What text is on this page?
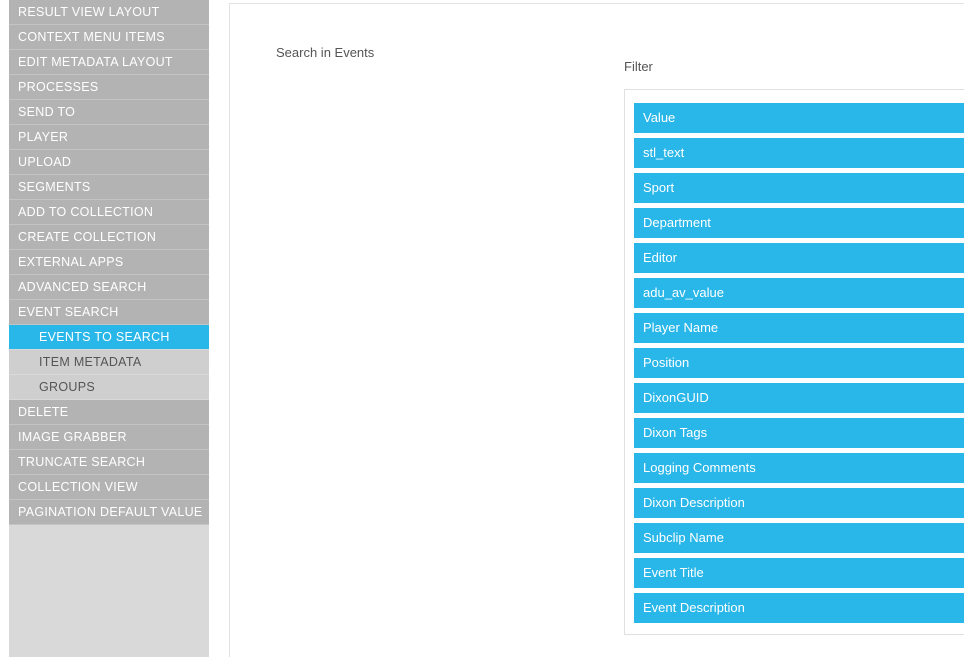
RESULT VIEW LAYOUT
CONTEXT MENU ITEMS
EDIT METADATA LAYOUT
PROCESSES
SEND TO
PLAYER
UPLOAD
SEGMENTS
ADD TO COLLECTION
CREATE COLLECTION
EXTERNAL APPS
ADVANCED SEARCH
EVENT SEARCH
EVENTS TO SEARCH
ITEM METADATA
GROUPS
DELETE
IMAGE GRABBER
TRUNCATE SEARCH
COLLECTION VIEW
PAGINATION DEFAULT VALUE
Search in Events
Filter
Value
stl_text
Sport
Department
Editor
adu_av_value
Player Name
Position
DixonGUID
Dixon Tags
Logging Comments
Dixon Description
Subclip Name
Event Title
Event Description
